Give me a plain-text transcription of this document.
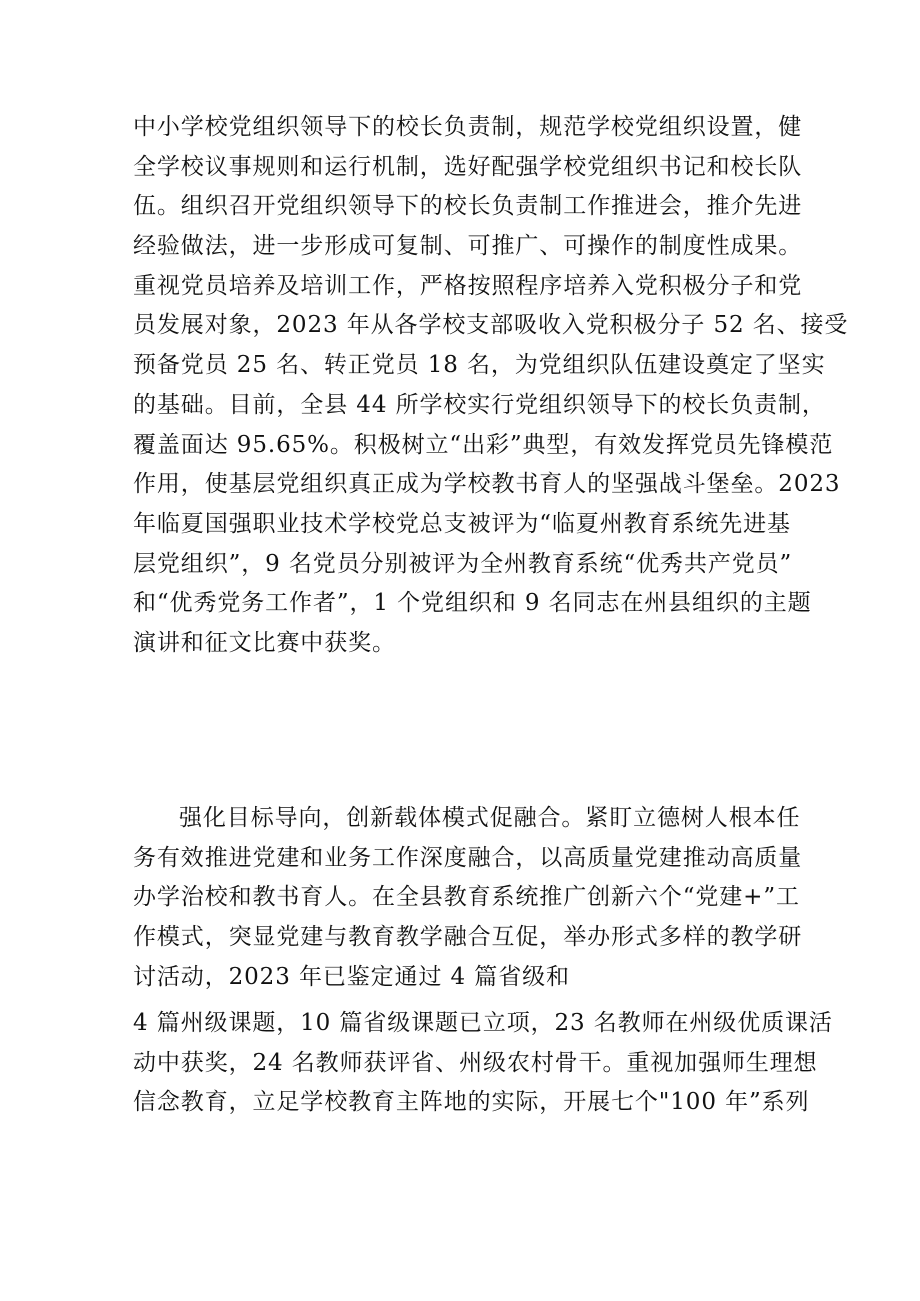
中小学校党组织领导下的校长负责制，规范学校党组织设置，健
全学校议事规则和运行机制，选好配强学校党组织书记和校长队
伍。组织召开党组织领导下的校长负责制工作推进会，推介先进
经验做法，进一步形成可复制、可推广、可操作的制度性成果。
重视党员培养及培训工作，严格按照程序培养入党积极分子和党
员发展对象，2023 年从各学校支部吸收入党积极分子 52 名、接受
预备党员 25 名、转正党员 18 名，为党组织队伍建设奠定了坚实
的基础。目前，全县 44 所学校实行党组织领导下的校长负责制，
覆盖面达 95.65%。积极树立“出彩”典型，有效发挥党员先锋模范
作用，使基层党组织真正成为学校教书育人的坚强战斗堡垒。2023
年临夏国强职业技术学校党总支被评为“临夏州教育系统先进基
层党组织”，9 名党员分别被评为全州教育系统“优秀共产党员”
和“优秀党务工作者”，1 个党组织和 9 名同志在州县组织的主题
演讲和征文比赛中获奖。
强化目标导向，创新载体模式促融合。紧盯立德树人根本任
务有效推进党建和业务工作深度融合，以高质量党建推动高质量
办学治校和教书育人。在全县教育系统推广创新六个“党建+”工
作模式，突显党建与教育教学融合互促，举办形式多样的教学研
讨活动，2023 年已鉴定通过 4 篇省级和
4 篇州级课题，10 篇省级课题已立项，23 名教师在州级优质课活
动中获奖，24 名教师获评省、州级农村骨干。重视加强师生理想
信念教育，立足学校教育主阵地的实际，开展七个"100 年”系列
